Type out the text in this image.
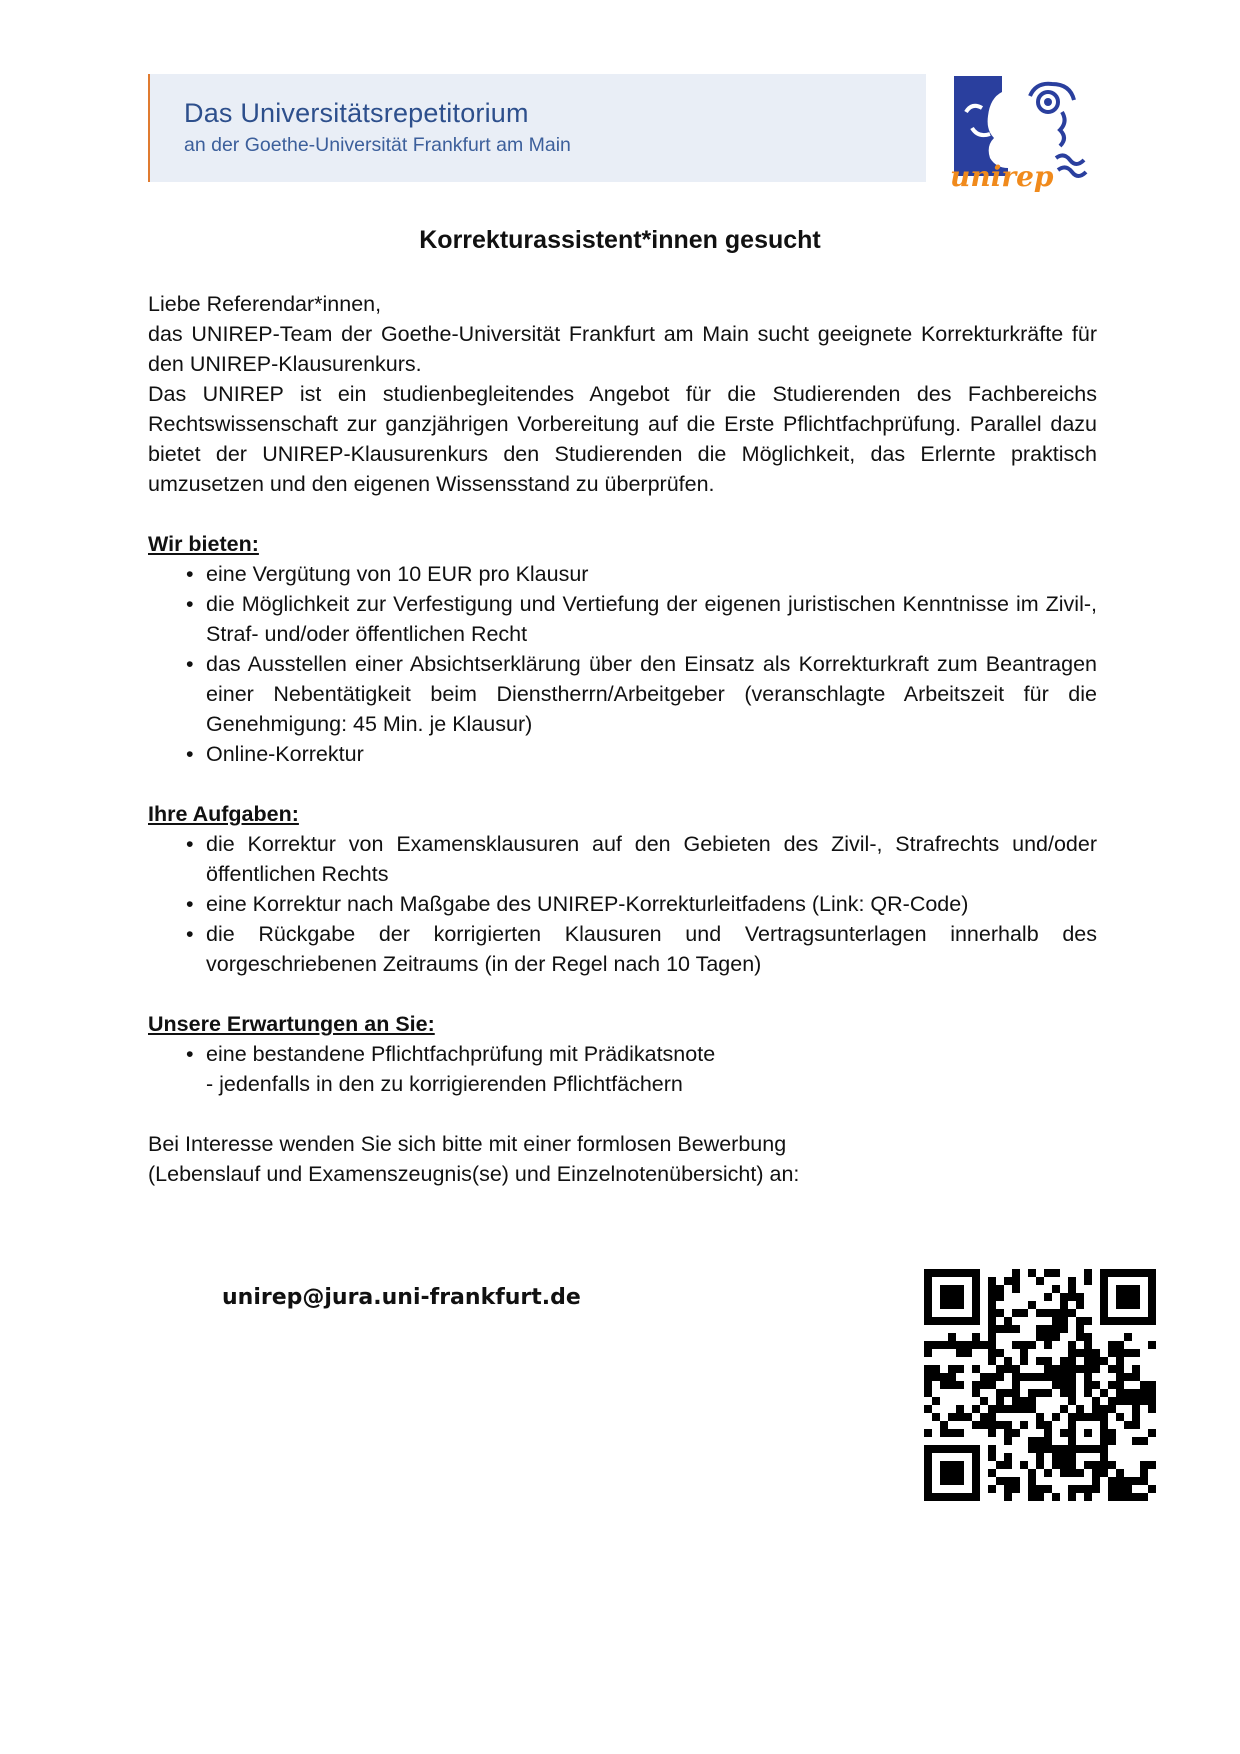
Das Universitätsrepetitorium
an der Goethe-Universität Frankfurt am Main
unirep
Korrekturassistent*innen gesucht

Liebe Referendar*innen,

das UNIREP-Team der Goethe-Universität Frankfurt am Main sucht geeignete Korrekturkräfte für den UNIREP-Klausurenkurs.

Das UNIREP ist ein studienbegleitendes Angebot für die Studierenden des Fachbereichs Rechtswissenschaft zur ganzjährigen Vorbereitung auf die Erste Pflichtfachprüfung. Parallel dazu bietet der UNIREP-Klausurenkurs den Studierenden die Möglichkeit, das Erlernte praktisch umzusetzen und den eigenen Wissensstand zu überprüfen.

Wir bieten:

• eine Vergütung von 10 EUR pro Klausur
• die Möglichkeit zur Verfestigung und Vertiefung der eigenen juristischen Kenntnisse im Zivil-, Straf- und/oder öffentlichen Recht
• das Ausstellen einer Absichtserklärung über den Einsatz als Korrekturkraft zum Beantragen einer Nebentätigkeit beim Dienstherrn/Arbeitgeber (veranschlagte Arbeitszeit für die Genehmigung: 45 Min. je Klausur)
• Online-Korrektur

Ihre Aufgaben:

• die Korrektur von Examensklausuren auf den Gebieten des Zivil-, Strafrechts und/oder öffentlichen Rechts
• eine Korrektur nach Maßgabe des UNIREP-Korrekturleitfadens (Link: QR-Code)
• die Rückgabe der korrigierten Klausuren und Vertragsunterlagen innerhalb des vorgeschriebenen Zeitraums (in der Regel nach 10 Tagen)

Unsere Erwartungen an Sie:

• eine bestandene Pflichtfachprüfung mit Prädikatsnote

- jedenfalls in den zu korrigierenden Pflichtfächern

Bei Interesse wenden Sie sich bitte mit einer formlosen Bewerbung

(Lebenslauf und Examenszeugnis(se) und Einzelnotenübersicht) an:

unirep@jura.uni-frankfurt.de
